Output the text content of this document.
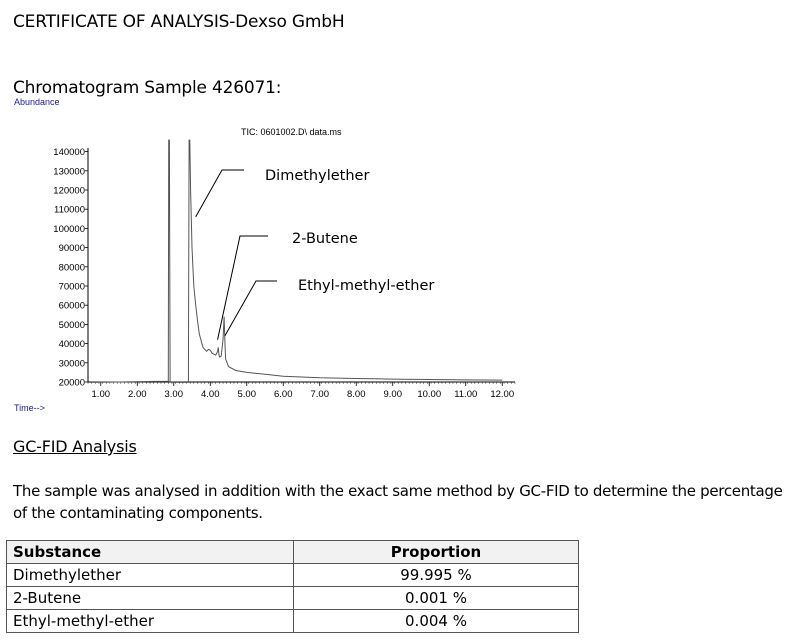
CERTIFICATE OF ANALYSIS-Dexso GmbH
Chromatogram Sample 426071:
Abundance
TIC: 0601002.D\ data.ms
Time-->
140000
130000
120000
110000
100000
90000
80000
70000
60000
50000
40000
30000
20000
1.00 2.00 3.00 4.00 5.00 6.00 7.00 8.00 9.00 10.00 11.00 12.00
Dimethylether
2-Butene
Ethyl-methyl-ether
GC-FID Analysis
The sample was analysed in addition with the exact same method by GC-FID to determine the percentage of the contaminating components.
Substance	Proportion
Dimethylether	99.995 %
2-Butene	0.001 %
Ethyl-methyl-ether	0.004 %
